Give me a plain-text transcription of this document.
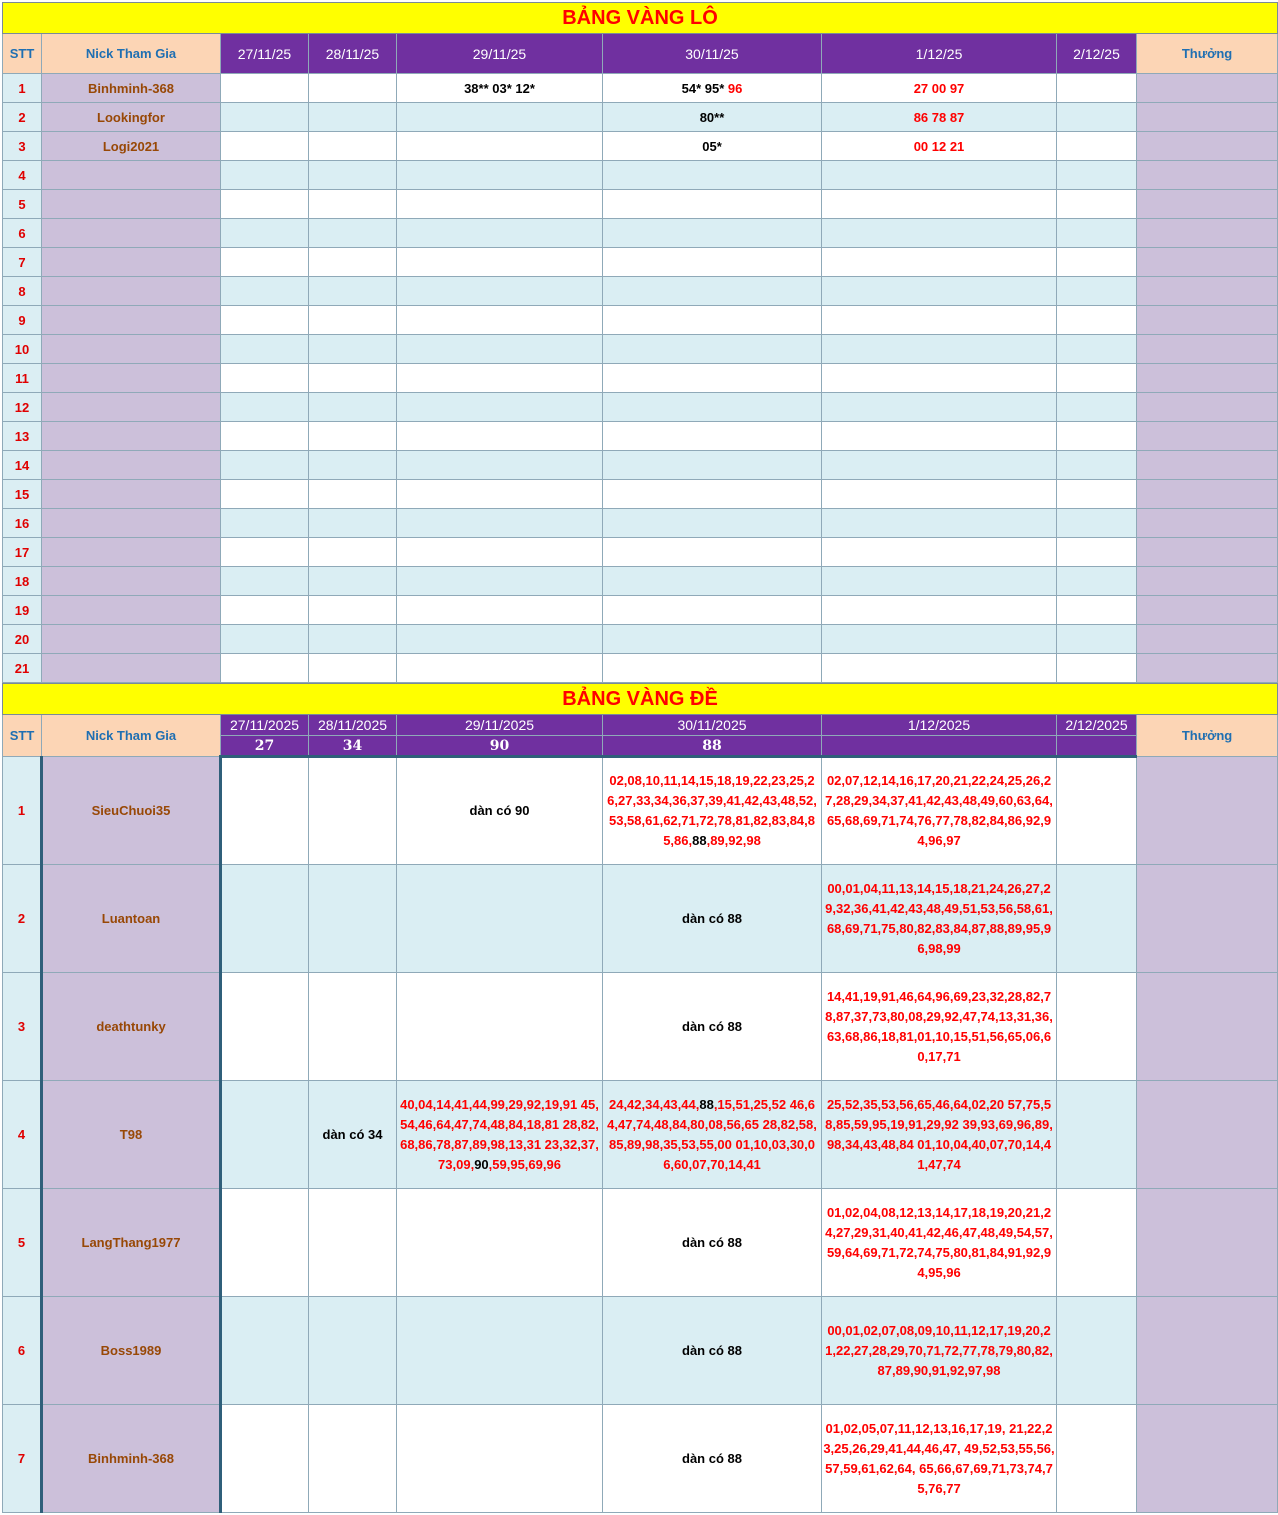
BẢNG VÀNG LÔ								
STT	Nick Tham Gia	27/11/25	28/11/25	29/11/25	30/11/25	1/12/25	2/12/25	Thưởng
1	Binhminh-368			38** 03* 12*	54* 95* 96	27 00 97		
2	Lookingfor				80**	86 78 87		
3	Logi2021				05*	00 12 21		
4								
5								
6								
7								
8								
9								
10								
11								
12								
13								
14								
15								
16								
17								
18								
19								
20								
21								
BẢNG VÀNG ĐỀ								
STT	Nick Tham Gia	27/11/2025	28/11/2025	29/11/2025	30/11/2025	1/12/2025	2/12/2025	Thưởng
		27	34	90	88			
1	SieuChuoi35			dàn có 90	02,08,10,11,14,15,18,19,22,23,25,26,27,33,34,36,37,39,41,42,43,48,52,53,58,61,62,71,72,78,81,82,83,84,85,86,88,89,92,98	02,07,12,14,16,17,20,21,22,24,25,26,27,28,29,34,37,41,42,43,48,49,60,63,64,65,68,69,71,74,76,77,78,82,84,86,92,94,96,97		
2	Luantoan				dàn có 88	00,01,04,11,13,14,15,18,21,24,26,27,29,32,36,41,42,43,48,49,51,53,56,58,61,68,69,71,75,80,82,83,84,87,88,89,95,96,98,99		
3	deathtunky				dàn có 88	14,41,19,91,46,64,96,69,23,32,28,82,78,87,37,73,80,08,29,92,47,74,13,31,36,63,68,86,18,81,01,10,15,51,56,65,06,60,17,71		
4	T98		dàn có 34	40,04,14,41,44,99,29,92,19,91 45,54,46,64,47,74,48,84,18,81 28,82,68,86,78,87,89,98,13,31 23,32,37,73,09,90,59,95,69,96	24,42,34,43,44,88,15,51,25,52 46,64,47,74,48,84,80,08,56,65 28,82,58,85,89,98,35,53,55,00 01,10,03,30,06,60,07,70,14,41	25,52,35,53,56,65,46,64,02,20 57,75,58,85,59,95,19,91,29,92 39,93,69,96,89,98,34,43,48,84 01,10,04,40,07,70,14,41,47,74		
5	LangThang1977				dàn có 88	01,02,04,08,12,13,14,17,18,19,20,21,24,27,29,31,40,41,42,46,47,48,49,54,57,59,64,69,71,72,74,75,80,81,84,91,92,94,95,96		
6	Boss1989				dàn có 88	00,01,02,07,08,09,10,11,12,17,19,20,21,22,27,28,29,70,71,72,77,78,79,80,82,87,89,90,91,92,97,98		
7	Binhminh-368				dàn có 88	01,02,05,07,11,12,13,16,17,19, 21,22,23,25,26,29,41,44,46,47, 49,52,53,55,56,57,59,61,62,64, 65,66,67,69,71,73,74,75,76,77		
